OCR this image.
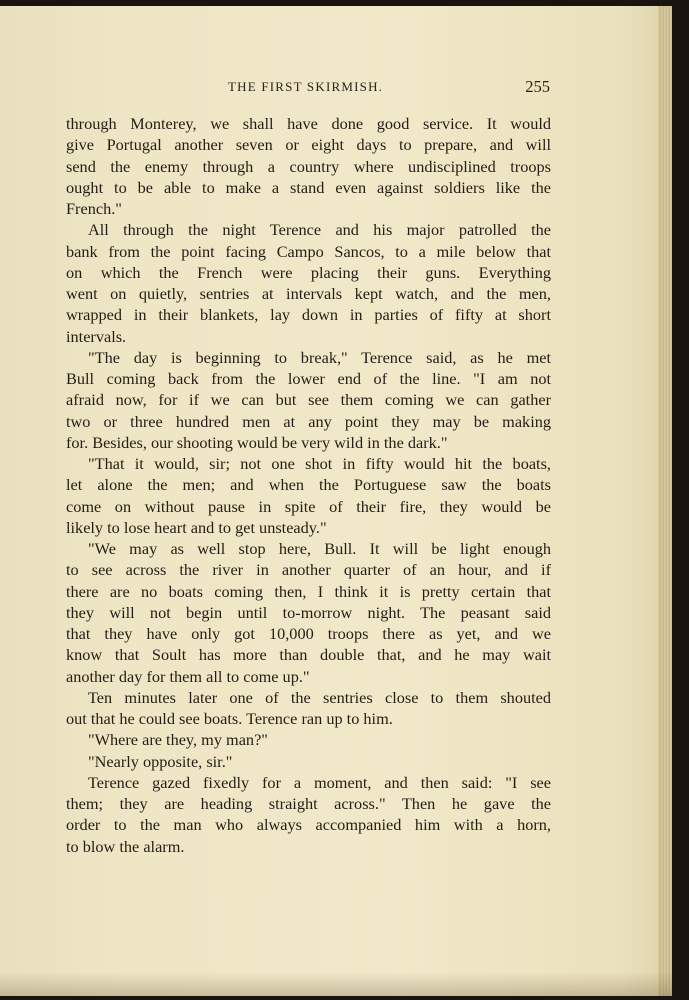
THE FIRST SKIRMISH.	255
through Monterey, we shall have done good service. It would
give Portugal another seven or eight days to prepare, and will
send the enemy through a country where undisciplined troops
ought to be able to make a stand even against soldiers like the
French."
All through the night Terence and his major patrolled the
bank from the point facing Campo Sancos, to a mile below that
on which the French were placing their guns. Everything
went on quietly, sentries at intervals kept watch, and the men,
wrapped in their blankets, lay down in parties of fifty at short
intervals.
"The day is beginning to break," Terence said, as he met
Bull coming back from the lower end of the line. "I am not
afraid now, for if we can but see them coming we can gather
two or three hundred men at any point they may be making
for. Besides, our shooting would be very wild in the dark."
"That it would, sir; not one shot in fifty would hit the boats,
let alone the men; and when the Portuguese saw the boats
come on without pause in spite of their fire, they would be
likely to lose heart and to get unsteady."
"We may as well stop here, Bull. It will be light enough
to see across the river in another quarter of an hour, and if
there are no boats coming then, I think it is pretty certain that
they will not begin until to-morrow night. The peasant said
that they have only got 10,000 troops there as yet, and we
know that Soult has more than double that, and he may wait
another day for them all to come up."
Ten minutes later one of the sentries close to them shouted
out that he could see boats. Terence ran up to him.
"Where are they, my man?"
"Nearly opposite, sir."
Terence gazed fixedly for a moment, and then said: "I see
them; they are heading straight across." Then he gave the
order to the man who always accompanied him with a horn,
to blow the alarm.
